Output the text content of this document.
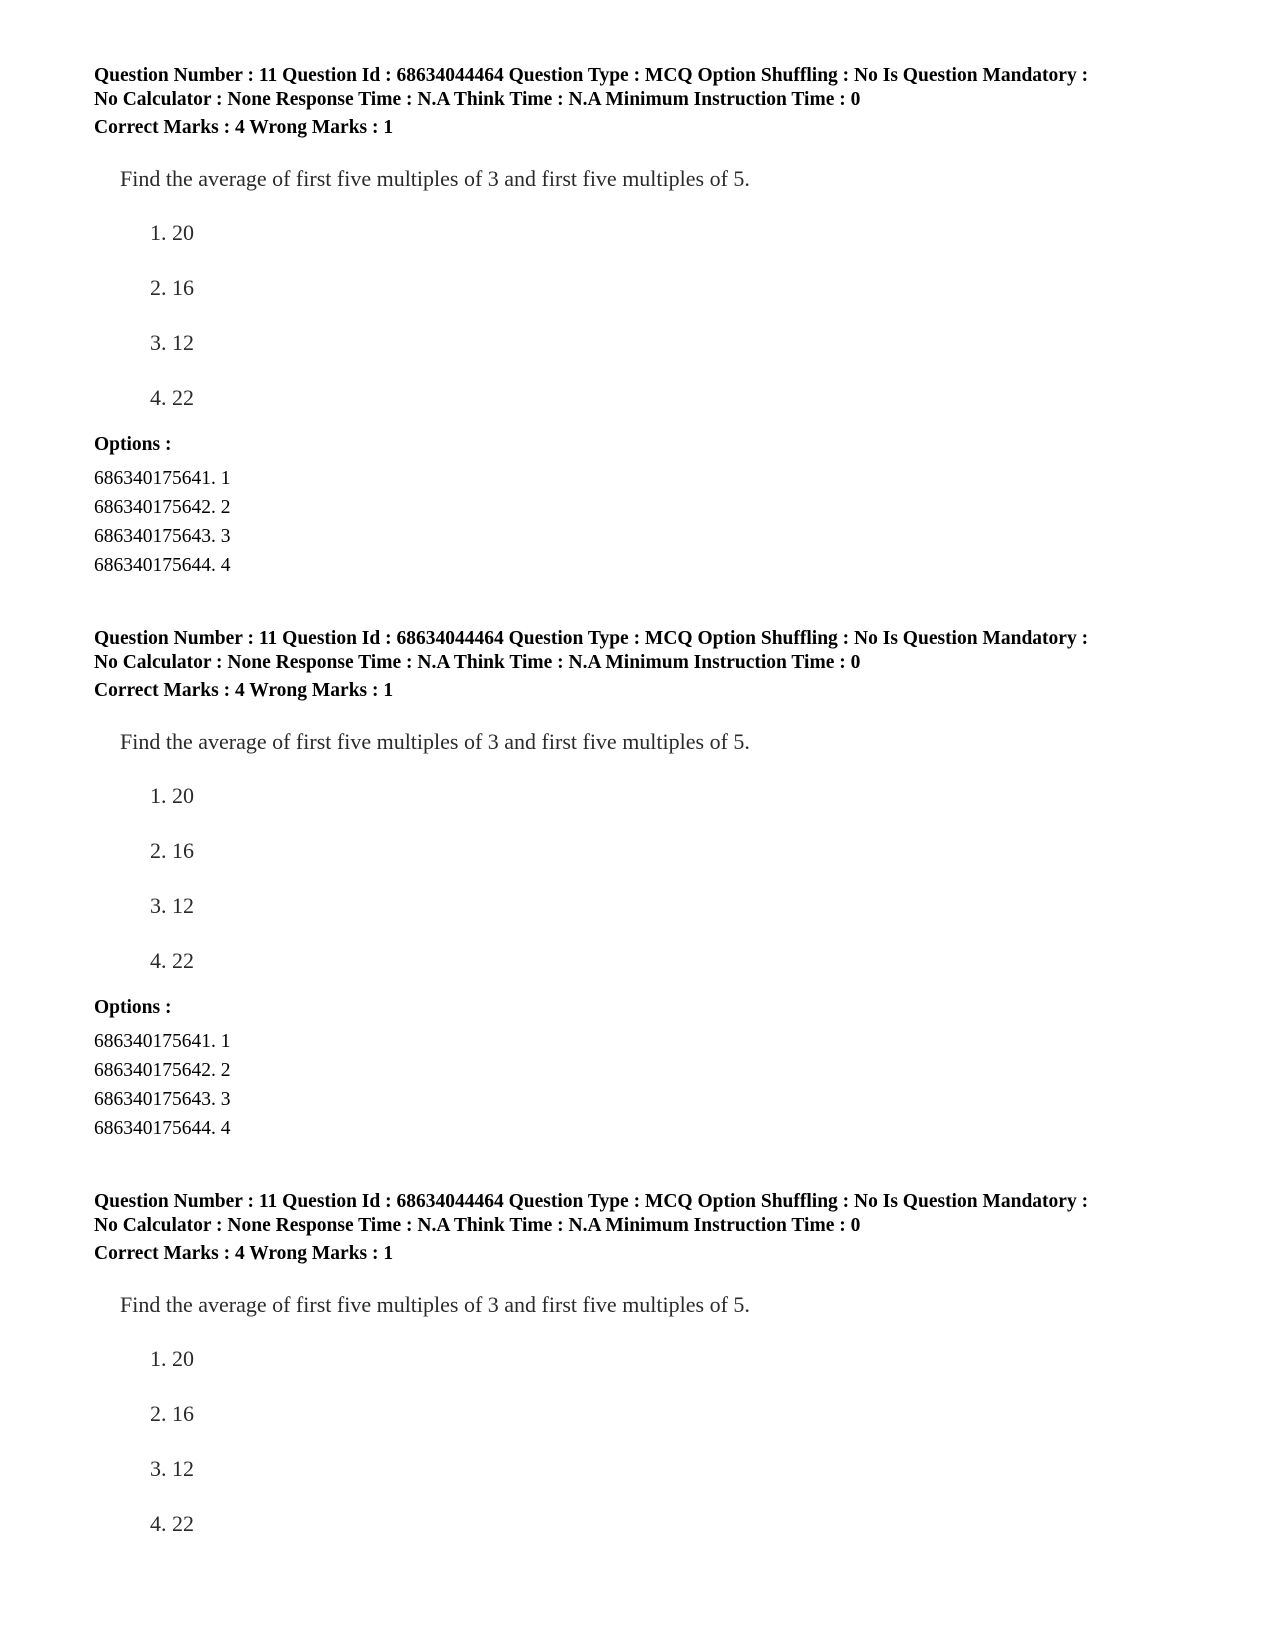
Question Number : 11 Question Id : 68634044464 Question Type : MCQ Option Shuffling : No Is Question Mandatory :
No Calculator : None Response Time : N.A Think Time : N.A Minimum Instruction Time : 0
Correct Marks : 4 Wrong Marks : 1
Find the average of first five multiples of 3 and first five multiples of 5.
1. 20
2. 16
3. 12
4. 22
Options :
686340175641. 1
686340175642. 2
686340175643. 3
686340175644. 4
Question Number : 11 Question Id : 68634044464 Question Type : MCQ Option Shuffling : No Is Question Mandatory :
No Calculator : None Response Time : N.A Think Time : N.A Minimum Instruction Time : 0
Correct Marks : 4 Wrong Marks : 1
Find the average of first five multiples of 3 and first five multiples of 5.
1. 20
2. 16
3. 12
4. 22
Options :
686340175641. 1
686340175642. 2
686340175643. 3
686340175644. 4
Question Number : 11 Question Id : 68634044464 Question Type : MCQ Option Shuffling : No Is Question Mandatory :
No Calculator : None Response Time : N.A Think Time : N.A Minimum Instruction Time : 0
Correct Marks : 4 Wrong Marks : 1
Find the average of first five multiples of 3 and first five multiples of 5.
1. 20
2. 16
3. 12
4. 22
